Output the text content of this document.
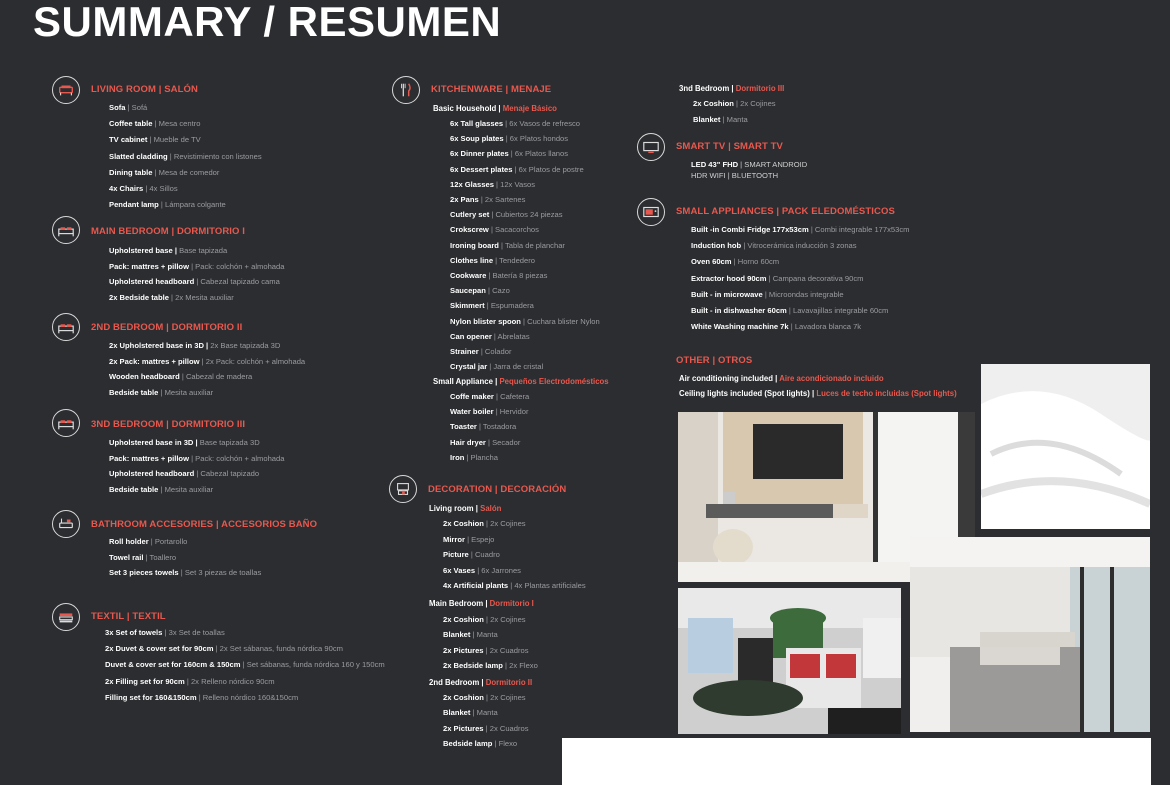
SUMMARY / RESUMEN
LIVING ROOM | SALÓN
Sofa | Sofá
Coffee table | Mesa centro
TV cabinet | Mueble de TV
Slatted cladding | Revistimiento con listones
Dining table | Mesa de comedor
4x Chairs | 4x Sillos
Pendant lamp | Lámpara colgante
MAIN BEDROOM | DORMITORIO I
Upholstered base | Base tapizada
Pack: mattres + pillow | Pack: colchón + almohada
Upholstered headboard | Cabezal tapizado cama
2x Bedside table | 2x Mesita auxiliar
2ND BEDROOM | DORMITORIO II
2x Upholstered base in 3D | 2x Base tapizada 3D
2x Pack: mattres + pillow | 2x Pack: colchón + almohada
Wooden headboard | Cabezal de madera
Bedside table | Mesita auxiliar
3ND BEDROOM | DORMITORIO III
Upholstered base in 3D | Base tapizada 3D
Pack: mattres + pillow | Pack: colchón + almohada
Upholstered headboard | Cabezal tapizado
Bedside table | Mesita auxiliar
BATHROOM ACCESORIES | ACCESORIOS BAÑO
Roll holder | Portarollo
Towel rail | Toallero
Set 3 pieces towels | Set 3 piezas de toallas
TEXTIL | TEXTIL
3x Set of towels | 3x Set de toallas
2x Duvet & cover set for 90cm | 2x Set sábanas, funda nórdica 90cm
Duvet & cover set for 160cm & 150cm | Set sábanas, funda nórdica 160 y 150cm
2x Filling set for 90cm | 2x Relleno nórdico 90cm
Filling set for 160&150cm | Relleno nórdico 160&150cm
KITCHENWARE | MENAJE
Basic Household | Menaje Básico
6x Tall glasses | 6x Vasos de refresco
6x Soup plates | 6x Platos hondos
6x Dinner plates | 6x Platos llanos
6x Dessert plates | 6x Platos de postre
12x Glasses | 12x Vasos
2x Pans | 2x Sartenes
Cutlery set | Cubiertos 24 piezas
Crokscrew | Sacacorchos
Ironing board | Tabla de planchar
Clothes line | Tendedero
Cookware | Batería 8 piezas
Saucepan | Cazo
Skimmert | Espumadera
Nylon blister spoon | Cuchara blister Nylon
Can opener | Abrelatas
Strainer | Colador
Crystal jar | Jarra de cristal
Small Appliance | Pequeños Electrodomésticos
Coffe maker | Cafetera
Water boiler | Hervidor
Toaster | Tostadora
Hair dryer | Secador
Iron | Plancha
DECORATION | DECORACIÓN
Living room | Salón
2x Coshion | 2x Cojines
Mirror | Espejo
Picture | Cuadro
6x Vases | 6x Jarrones
4x Artificial plants | 4x Plantas artificiales
Main Bedroom | Dormitorio I
2x Coshion | 2x Cojines
Blanket | Manta
2x Pictures | 2x Cuadros
2x Bedside lamp | 2x Flexo
2nd Bedroom | Dormitorio II
2x Coshion | 2x Cojines
Blanket | Manta
2x Pictures | 2x Cuadros
Bedside lamp | Flexo
3nd Bedroom | Dormitorio III
2x Coshion | 2x Cojines
Blanket | Manta
SMART TV | SMART TV
LED 43" FHD | SMART ANDROID
HDR WIFI | BLUETOOTH
SMALL APPLIANCES | PACK ELEDOMÉSTICOS
Built -in Combi Fridge 177x53cm | Combi integrable 177x53cm
Induction hob | Vitrocerámica inducción 3 zonas
Oven 60cm | Horno 60cm
Extractor hood 90cm | Campana decorativa 90cm
Built - in microwave | Microondas integrable
Built - in dishwasher 60cm | Lavavajillas integrable 60cm
White Washing machine 7k | Lavadora blanca 7k
OTHER | OTROS
Air conditioning included | Aire acondicionado incluido
Ceiling lights included (Spot lights) | Luces de techo incluidas (Spot lights)
